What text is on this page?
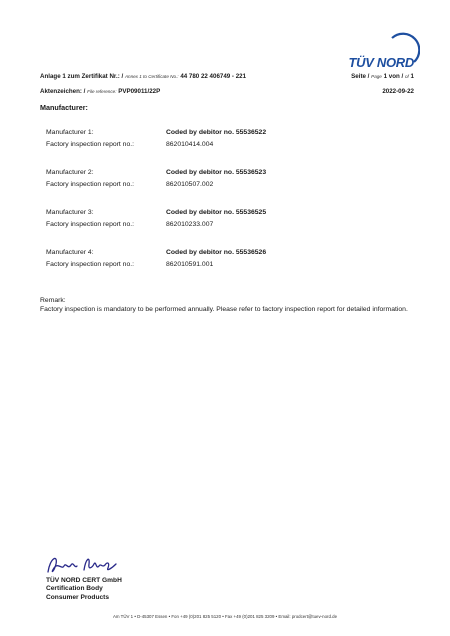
TÜV NORD
Anlage 1 zum Zertifikat Nr.: / Annex 1 to Certificate No.: 44 780 22 406749 - 221	Seite / Page 1 von / of 1
Aktenzeichen: / File reference: PVP09011/22P	2022-09-22
Manufacturer:
Manufacturer 1:	Coded by debitor no. 55536522
Factory inspection report no.:	862010414.004
Manufacturer 2:	Coded by debitor no. 55536523
Factory inspection report no.:	862010507.002
Manufacturer 3:	Coded by debitor no. 55536525
Factory inspection report no.:	862010233.007
Manufacturer 4:	Coded by debitor no. 55536526
Factory inspection report no.:	862010591.001
Remark:
Factory inspection is mandatory to be performed annually. Please refer to factory inspection report for detailed information.
TÜV NORD CERT GmbH
Certification Body
Consumer Products
Am TÜV 1 • D-45307 Essen • Fon +49 (0)201 825 5120 • Fax +49 (0)201 825 3209 • Email: prodcert@tuev-nord.de
